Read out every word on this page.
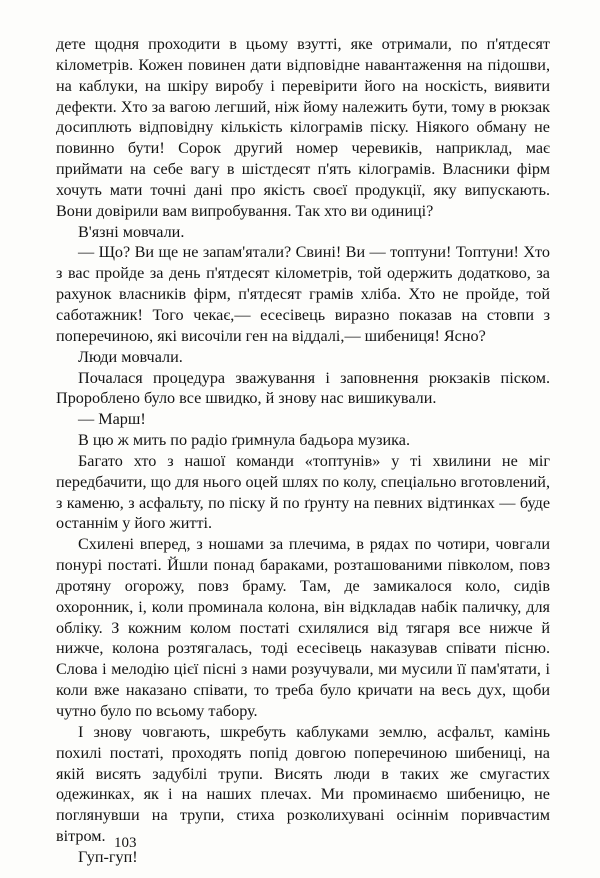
дете щодня проходити в цьому взутті, яке отримали, по п'ятдесят кілометрів. Кожен повинен дати відповідне навантаження на підошви, на каблуки, на шкіру виробу і перевірити його на носкість, виявити дефекти. Хто за вагою легший, ніж йому належить бути, тому в рюкзак досиплють відповідну кількість кілограмів піску. Ніякого обману не повинно бути! Сорок другий номер черевиків, наприклад, має приймати на себе вагу в шістдесят п'ять кілограмів. Власники фірм хочуть мати точні дані про якість своєї продукції, яку випускають. Вони довірили вам випробування. Так хто ви одиниці?

В'язні мовчали.

— Що? Ви ще не запам'ятали? Свині! Ви — топтуни! Топтуни! Хто з вас пройде за день п'ятдесят кілометрів, той одержить додатково, за рахунок власників фірм, п'ятдесят грамів хліба. Хто не пройде, той саботажник! Того чекає,— есесівець виразно показав на стовпи з поперечиною, які височіли ген на віддалі,— шибениця! Ясно?

Люди мовчали.

Почалася процедура зважування і заповнення рюкзаків піском. Пророблено було все швидко, й знову нас вишикували.

— Марш!

В цю ж мить по радіо ґримнула бадьора музика.

Багато хто з нашої команди «топтунів» у ті хвилини не міг передбачити, що для нього оцей шлях по колу, спеціально вготовлений, з каменю, з асфальту, по піску й по ґрунту на певних відтинках — буде останнім у його житті.

Схилені вперед, з ношами за плечима, в рядах по чотири, човгали понурі постаті. Йшли понад бараками, розташованими півколом, повз дротяну огорожу, повз браму. Там, де замикалося коло, сидів охоронник, і, коли проминала колона, він відкладав набік паличку, для обліку. З кожним колом постаті схилялися від тягаря все нижче й нижче, колона розтягалась, тоді есесівець наказував співати пісню. Слова і мелодію цієї пісні з нами розучували, ми мусили її пам'ятати, і коли вже наказано співати, то треба було кричати на весь дух, щоби чутно було по всьому табору.

І знову човгають, шкребуть каблуками землю, асфальт, камінь похилі постаті, проходять попід довгою поперечиною шибениці, на якій висять задубілі трупи. Висять люди в таких же смугастих одежинках, як і на наших плечах. Ми проминаємо шибеницю, не поглянувши на трупи, стиха розколихувані осіннім поривчастим вітром.

Гуп-гуп!

103
